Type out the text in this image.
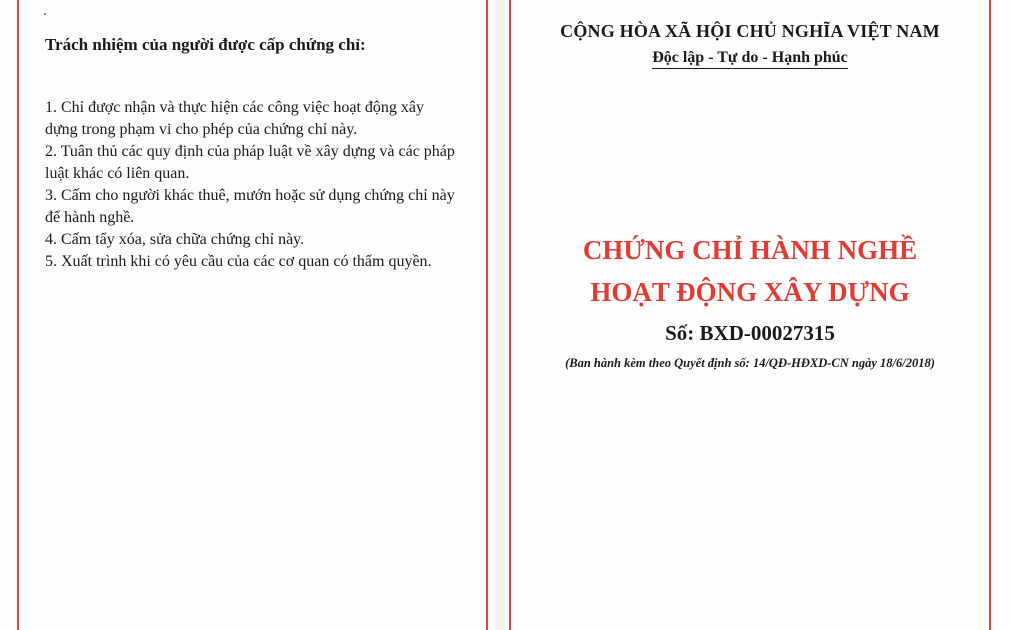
Trách nhiệm của người được cấp chứng chỉ:
1. Chỉ được nhận và thực hiện các công việc hoạt động xây dựng trong phạm vi cho phép của chứng chỉ này.
2. Tuân thủ các quy định của pháp luật về xây dựng và các pháp luật khác có liên quan.
3. Cấm cho người khác thuê, mướn hoặc sử dụng chứng chỉ này để hành nghề.
4. Cấm tẩy xóa, sửa chữa chứng chỉ này.
5. Xuất trình khi có yêu cầu của các cơ quan có thẩm quyền.
CỘNG HÒA XÃ HỘI CHỦ NGHĨA VIỆT NAM
Độc lập - Tự do - Hạnh phúc
CHỨNG CHỈ HÀNH NGHỀ
HOẠT ĐỘNG XÂY DỰNG
Số: BXD-00027315
(Ban hành kèm theo Quyết định số: 14/QĐ-HĐXD-CN ngày 18/6/2018)
